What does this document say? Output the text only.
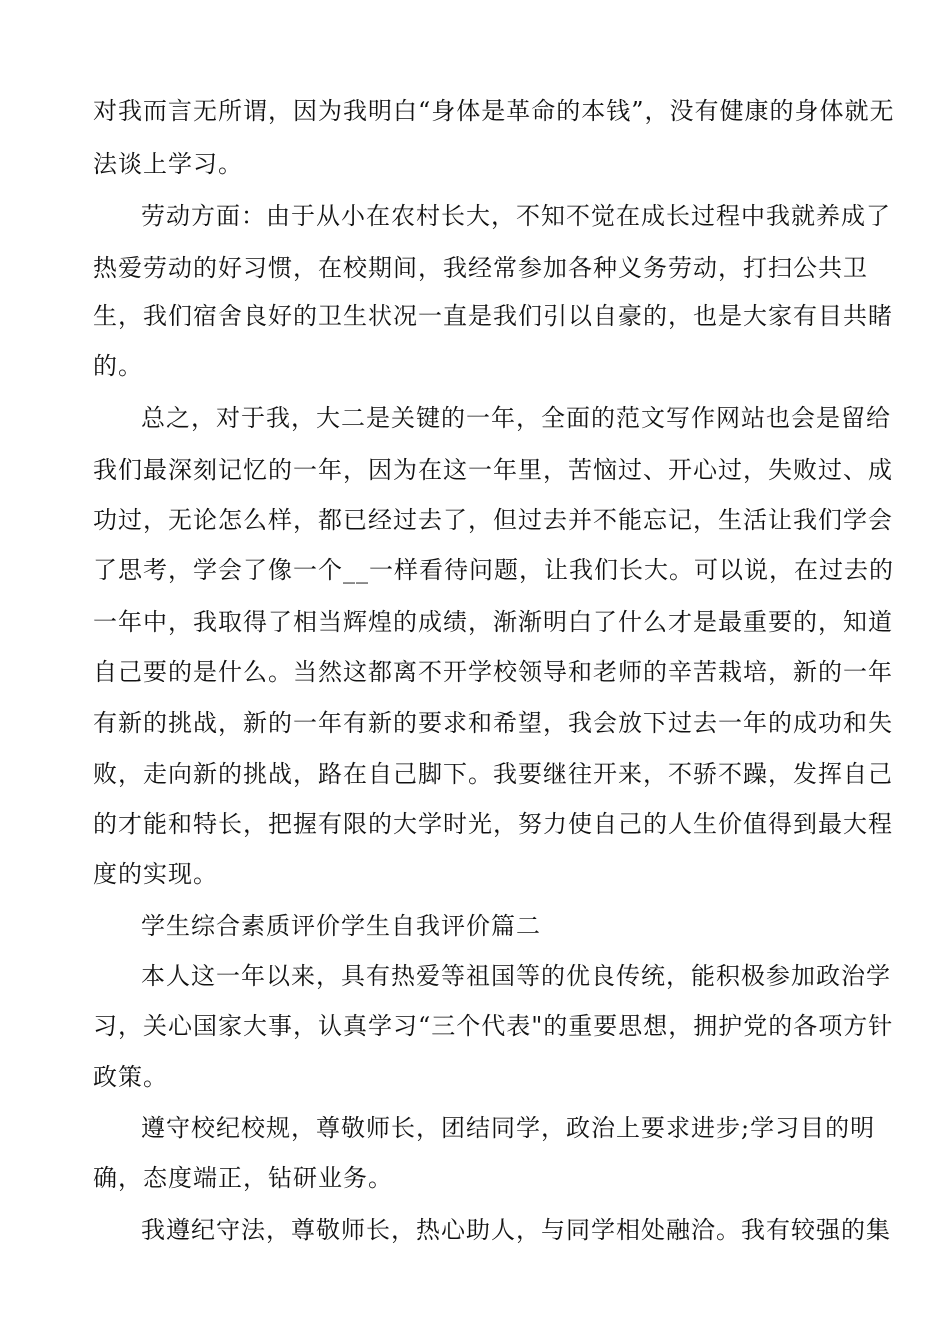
对我而言无所谓，因为我明白“身体是革命的本钱”，没有健康的身体就无
法谈上学习。
劳动方面：由于从小在农村长大，不知不觉在成长过程中我就养成了
热爱劳动的好习惯，在校期间，我经常参加各种义务劳动，打扫公共卫
生，我们宿舍良好的卫生状况一直是我们引以自豪的，也是大家有目共睹
的。
总之，对于我，大二是关键的一年，全面的范文写作网站也会是留给
我们最深刻记忆的一年，因为在这一年里，苦恼过、开心过，失败过、成
功过，无论怎么样，都已经过去了，但过去并不能忘记，生活让我们学会
了思考，学会了像一个__一样看待问题，让我们长大。可以说，在过去的
一年中，我取得了相当辉煌的成绩，渐渐明白了什么才是最重要的，知道
自己要的是什么。当然这都离不开学校领导和老师的辛苦栽培，新的一年
有新的挑战，新的一年有新的要求和希望，我会放下过去一年的成功和失
败，走向新的挑战，路在自己脚下。我要继往开来，不骄不躁，发挥自己
的才能和特长，把握有限的大学时光，努力使自己的人生价值得到最大程
度的实现。
学生综合素质评价学生自我评价篇二
本人这一年以来，具有热爱等祖国等的优良传统，能积极参加政治学
习，关心国家大事，认真学习“三个代表"的重要思想，拥护党的各项方针
政策。
遵守校纪校规，尊敬师长，团结同学，政治上要求进步;学习目的明
确，态度端正，钻研业务。
我遵纪守法，尊敬师长，热心助人，与同学相处融洽。我有较强的集
